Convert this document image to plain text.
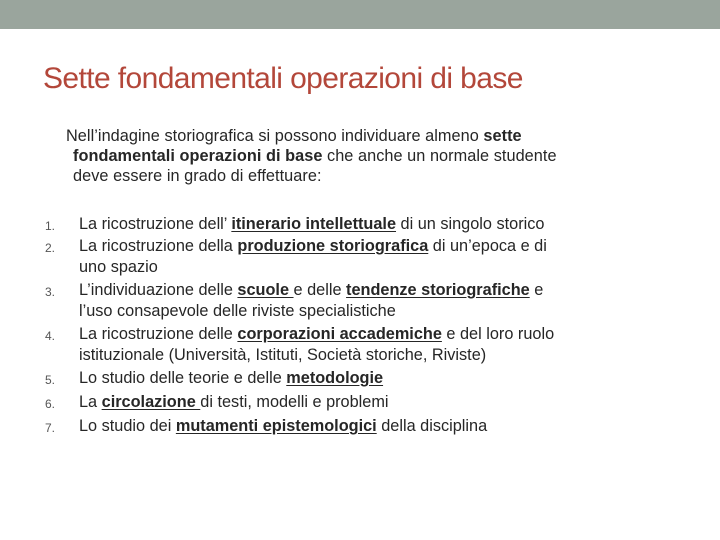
Sette fondamentali operazioni di base
Nell’indagine storiografica si possono individuare almeno sette
fondamentali operazioni di base che anche un normale studente
deve essere in grado di effettuare:
1. La ricostruzione dell’ itinerario intellettuale di un singolo storico
2. La ricostruzione della produzione storiografica di un’epoca e di
uno spazio
3. L’individuazione delle scuole e delle tendenze storiografiche e
l’uso consapevole delle riviste specialistiche
4. La ricostruzione delle corporazioni accademiche e del loro ruolo
istituzionale (Università, Istituti, Società storiche, Riviste)
5. Lo studio delle teorie e delle metodologie
6. La circolazione di testi, modelli e problemi
7. Lo studio dei mutamenti epistemologici della disciplina
